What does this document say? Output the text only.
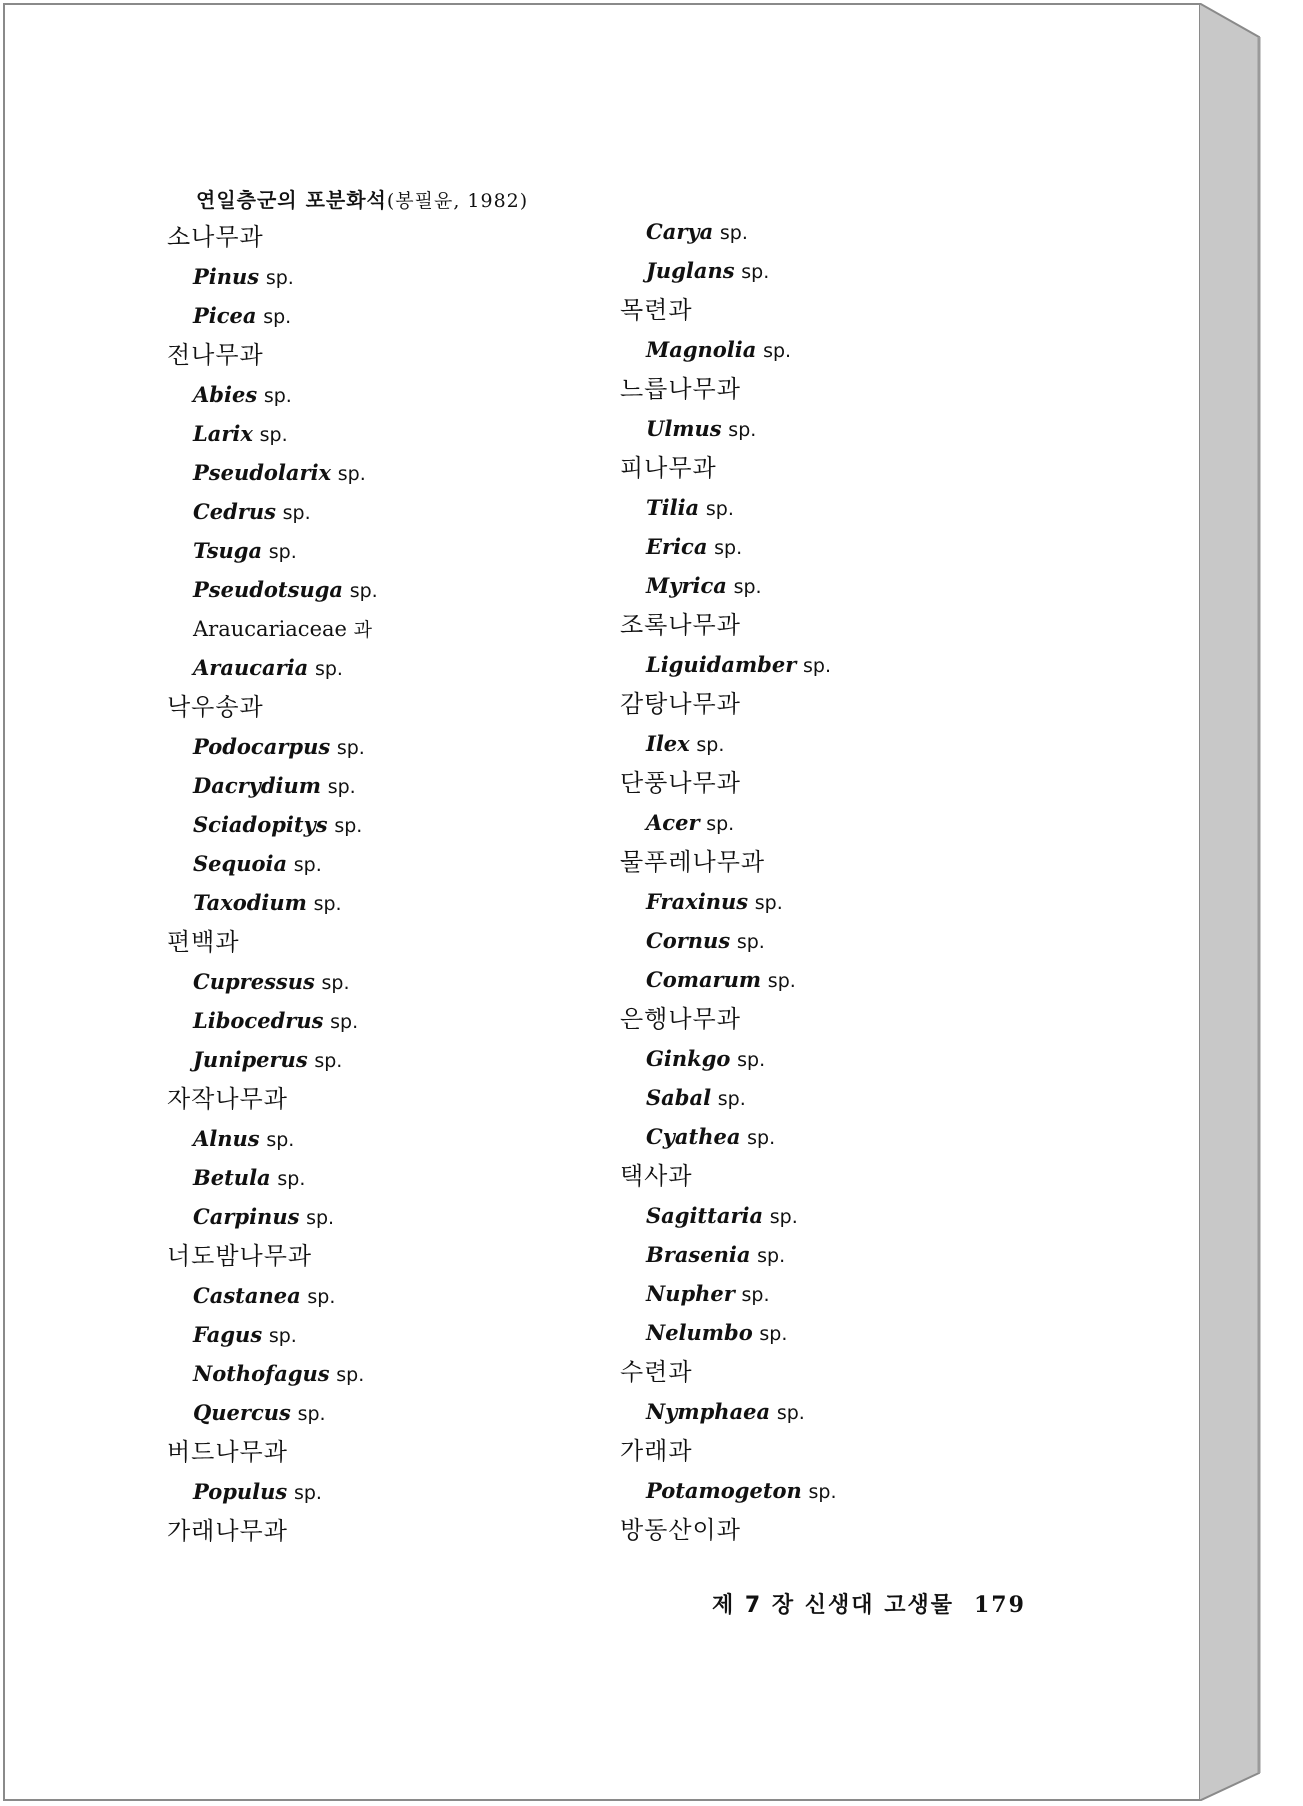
연일층군의 포분화석(봉필윤, 1982)
소나무과
Pinus sp.
Picea sp.
전나무과
Abies sp.
Larix sp.
Pseudolarix sp.
Cedrus sp.
Tsuga sp.
Pseudotsuga sp.
Araucariaceae 과
Araucaria sp.
낙우송과
Podocarpus sp.
Dacrydium sp.
Sciadopitys sp.
Sequoia sp.
Taxodium sp.
편백과
Cupressus sp.
Libocedrus sp.
Juniperus sp.
자작나무과
Alnus sp.
Betula sp.
Carpinus sp.
너도밤나무과
Castanea sp.
Fagus sp.
Nothofagus sp.
Quercus sp.
버드나무과
Populus sp.
가래나무과
Carya sp.
Juglans sp.
목련과
Magnolia sp.
느릅나무과
Ulmus sp.
피나무과
Tilia sp.
Erica sp.
Myrica sp.
조록나무과
Liguidamber sp.
감탕나무과
Ilex sp.
단풍나무과
Acer sp.
물푸레나무과
Fraxinus sp.
Cornus sp.
Comarum sp.
은행나무과
Ginkgo sp.
Sabal sp.
Cyathea sp.
택사과
Sagittaria sp.
Brasenia sp.
Nupher sp.
Nelumbo sp.
수련과
Nymphaea sp.
가래과
Potamogeton sp.
방동산이과
제 7 장 신생대 고생물 179
